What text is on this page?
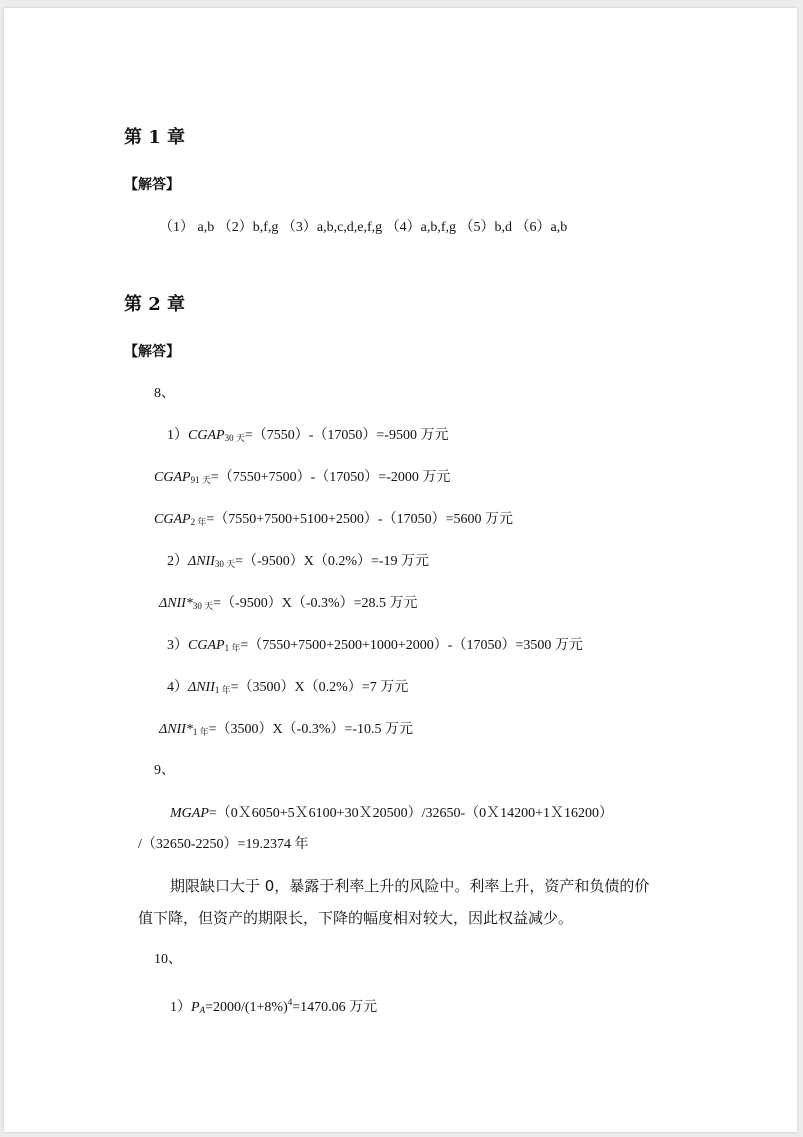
第 1 章
【解答】
（1） a,b （2）b,f,g （3）a,b,c,d,e,f,g （4）a,b,f,g （5）b,d （6）a,b
第 2 章
【解答】
8、
1）CGAP30 天=（7550）-（17050）=-9500 万元
CGAP91 天=（7550+7500）-（17050）=-2000 万元
CGAP2 年=（7550+7500+5100+2500）-（17050）=5600 万元
2）ΔNII30 天=（-9500）X（0.2%）=-19 万元
ΔNII*30 天=（-9500）X（-0.3%）=28.5 万元
3）CGAP1 年=（7550+7500+2500+1000+2000）-（17050）=3500 万元
4）ΔNII1 年=（3500）X（0.2%）=7 万元
ΔNII*1 年=（3500）X（-0.3%）=-10.5 万元
9、
MGAP=（0Ｘ6050+5Ｘ6100+30Ｘ20500）/32650-（0Ｘ14200+1Ｘ16200）
/（32650-2250）=19.2374 年
期限缺口大于 0，暴露于利率上升的风险中。利率上升，资产和负债的价
值下降，但资产的期限长，下降的幅度相对较大，因此权益减少。
10、
$1)PA=2000/(1+8\%)^4=1470.06$ 万元
